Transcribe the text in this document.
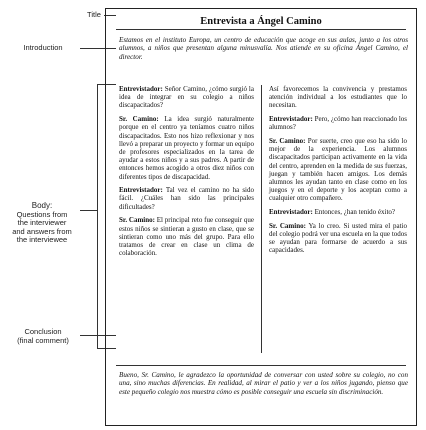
Title
Introduction
Body:
Questions from
the interviewer
and answers from
the interviewee
Conclusion
(final comment)
Entrevista a Ángel Camino
Estamos en el instituto Europa, un centro de educación que acoge en sus aulas, junto a los otros alumnos, a niños que presentan alguna minusvalía. Nos atiende en su oficina Ángel Camino, el director.

Entrevistador: Señor Camino, ¿cómo surgió la idea de integrar en su colegio a niños discapacitados?

Sr. Camino: La idea surgió naturalmente porque en el centro ya teníamos cuatro niños discapacitados. Esto nos hizo reflexionar y nos llevó a preparar un proyecto y formar un equipo de profesores especializados en la tarea de ayudar a estos niños y a sus padres. A partir de entonces hemos acogido a otros diez niños con diferentes tipos de discapacidad.

Entrevistador: Tal vez el camino no ha sido fácil. ¿Cuáles han sido las principales dificultades?

Sr. Camino: El principal reto fue conseguir que estos niños se sintieran a gusto en clase, que se sintieran como uno más del grupo. Para ello tratamos de crear en clase un clima de colaboración.

Así favorecemos la convivencia y prestamos atención individual a los estudiantes que lo necesitan.

Entrevistador: Pero, ¿cómo han reaccionado los alumnos?

Sr. Camino: Por suerte, creo que eso ha sido lo mejor de la experiencia. Los alumnos discapacitados participan activamente en la vida del centro, aprenden en la medida de sus fuerzas, juegan y también hacen amigos. Los demás alumnos les ayudan tanto en clase como en los juegos y en el deporte y los aceptan como a cualquier otro compañero.

Entrevistador: Entonces, ¿han tenido éxito?

Sr. Camino: Ya lo creo. Si usted mira el patio del colegio podrá ver una escuela en la que todos se ayudan para formarse de acuerdo a sus capacidades.

Bueno, Sr. Camino, le agradezco la oportunidad de conversar con usted sobre su colegio, no con una, sino muchas diferencias. En realidad, al mirar el patio y ver a los niños jugando, pienso que este pequeño colegio nos muestra cómo es posible conseguir una escuela sin discriminación.
